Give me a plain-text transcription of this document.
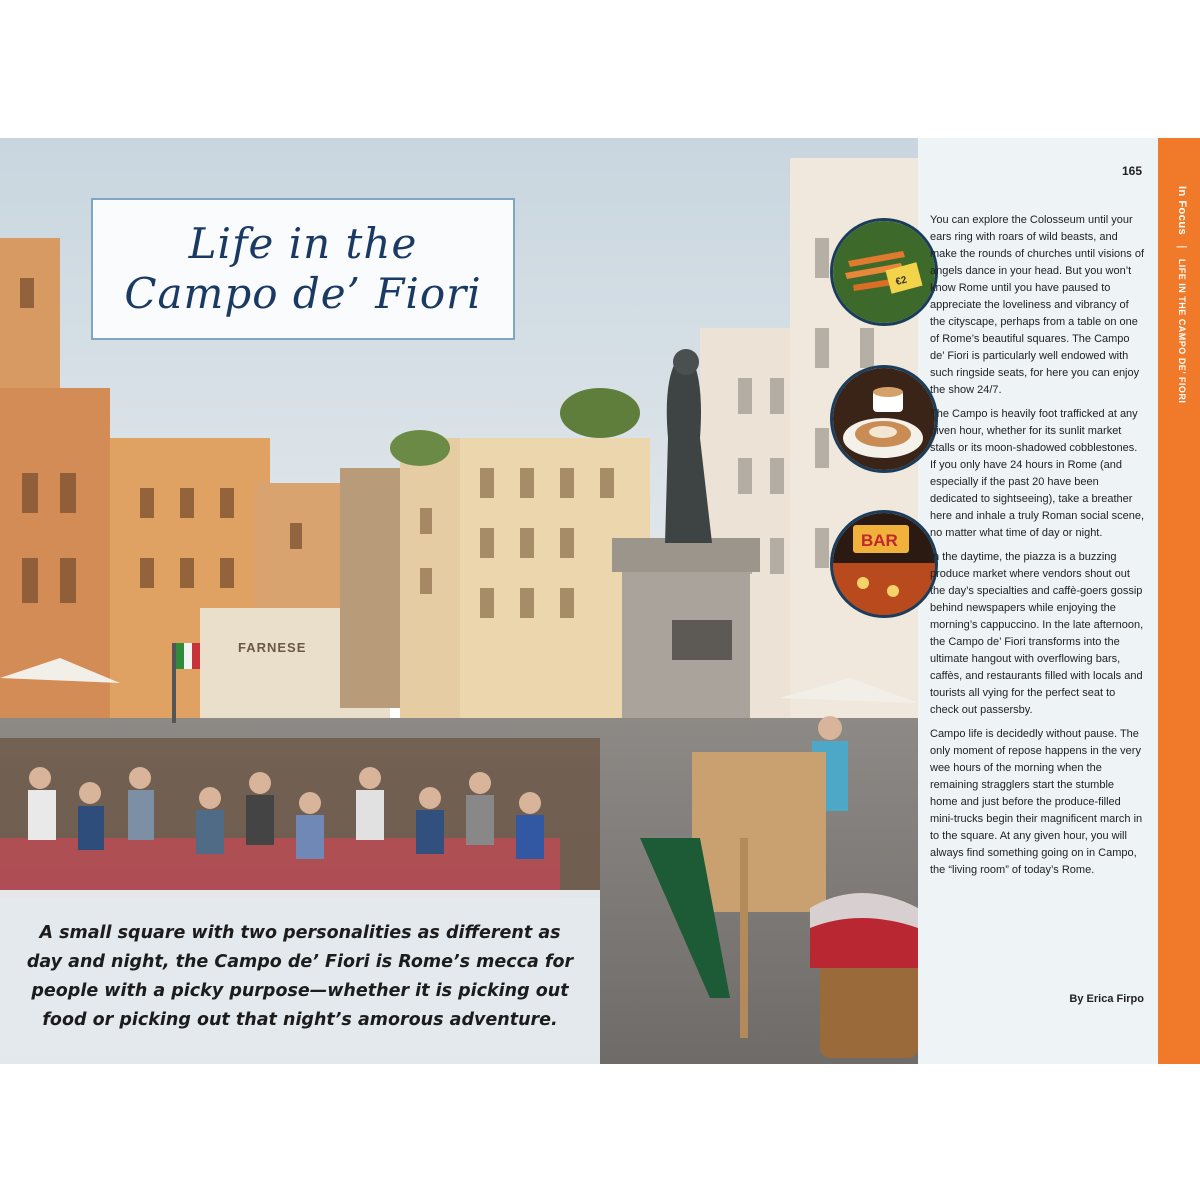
FARNESE
Life in the
Campo de’ Fiori
A small square with two personalities as different as day and night, the Campo de’ Fiori is Rome’s mecca for people with a picky purpose—whether it is picking out food or picking out that night’s amorous adventure.
165
€2
BAR

You can explore the Colosseum until your ears ring with roars of wild beasts, and make the rounds of churches until visions of angels dance in your head. But you won’t know Rome until you have paused to appreciate the loveliness and vibrancy of the cityscape, perhaps from a table on one of Rome’s beautiful squares. The Campo de’ Fiori is particularly well endowed with such ringside seats, for here you can enjoy the show 24/7.

The Campo is heavily foot trafficked at any given hour, whether for its sunlit market stalls or its moon-shadowed cobblestones. If you only have 24 hours in Rome (and especially if the past 20 have been dedicated to sightseeing), take a breather here and inhale a truly Roman social scene, no matter what time of day or night.

In the daytime, the piazza is a buzzing produce market where vendors shout out the day’s specialties and caffè-goers gossip behind newspapers while enjoying the morning’s cappuccino. In the late afternoon, the Campo de’ Fiori transforms into the ultimate hangout with overflowing bars, caffès, and restaurants filled with locals and tourists all vying for the perfect seat to check out passersby.

Campo life is decidedly without pause. The only moment of repose happens in the very wee hours of the morning when the remaining stragglers start the stumble home and just before the produce-filled mini-trucks begin their magnificent march in to the square. At any given hour, you will always find something going on in Campo, the “living room” of today’s Rome.

By Erica Firpo
In Focus|LIFE IN THE CAMPO DE’ FIORI
